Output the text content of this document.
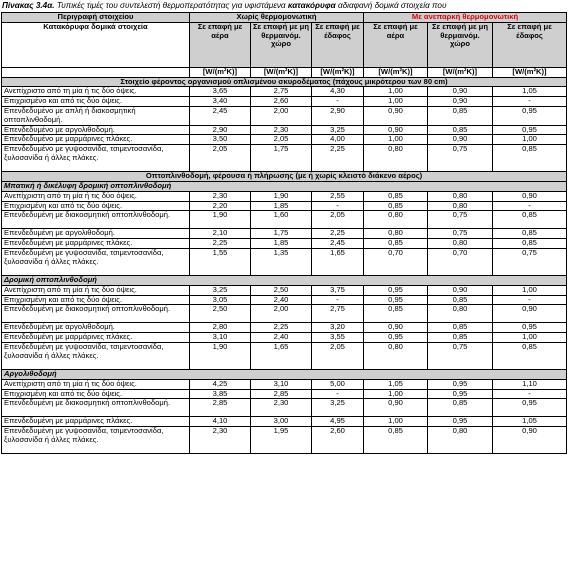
Πίνακας 3.4α. Τυπικές τιμές του συντελεστή θερμοπερατότητας για υφιστάμενα κατακόρυφα αδιαφανή δομικά στοιχεία που
Περιγραφή στοιχείου	Χωρίς θερμομονωτική			Με ανεπαρκή θερμομονωτική		
Κατακόρυφα δομικά στοιχεία	Σε επαφή με αέρα	Σε επαφή με μη θερμαινόμ. χώρο	Σε επαφή με έδαφος	Σε επαφή με αέρα	Σε επαφή με μη θερμαινόμ. χώρο	Σε επαφή με έδαφος
	[W/(m²K)]	[W/(m²K)]	[W/(m²K)]	[W/(m²K)]	[W/(m²K)]	[W/(m²K)]
Στοιχείο φέροντος οργανισμού οπλισμένου σκυροδέματος (πάχους μικρότερου των 80 cm)						
Ανεπίχριστο από τη μία ή τις δύο όψεις.	3,65	2,75	4,30	1,00	0,90	1,05
Επιχρισμένο και από τις δύο όψεις.	3,40	2,60	-	1,00	0,90	-
Επενδεδυμένο με απλή ή διακοσμητική οπτοπλινθοδομή.	2,45	2,00	2,90	0,90	0,85	0,95
Επενδεδυμένο με αργολιθοδομή.	2,90	2,30	3,25	0,90	0,85	0,95
Επενδεδυμένο με μαρμάρινες πλάκες.	3,50	2,05	4,00	1,00	0,90	1,00
Επενδεδυμένο με γυψοσανίδα, τσιμεντοσανίδα, ξυλοσανίδα ή άλλες πλάκες.	2,05	1,75	2,25	0,80	0,75	0,85
Οπτοπλινθοδομή, φέρουσα ή πλήρωσης (με ή χωρίς κλειστό διάκενο αέρος)						
Μπατική ή δικέλυφη δρομική οπτοπλινθοδομή						
Ανεπίχριστη από τη μία ή τις δύο όψεις.	2,30	1,90	2,55	0,85	0,80	0,90
Επιχρισμένη και από τις δύο όψεις.	2,20	1,85	-	0,85	0,80	-
Επενδεδυμένη με διακοσμητική οπτοπλινθοδομή.	1,90	1,60	2,05	0,80	0,75	0,85
Επενδεδυμένη με αργολιθοδομή.	2,10	1,75	2,25	0,80	0,75	0,85
Επενδεδυμένη με μαρμάρινες πλάκες.	2,25	1,85	2,45	0,85	0,80	0,85
Επενδεδυμένη με γυψοσανίδα, τσιμεντοσανίδα, ξυλοσανίδα ή άλλες πλάκες.	1,55	1,35	1,65	0,70	0,70	0,75
Δρομική οπτοπλινθοδομή						
Ανεπίχριστη από τη μία ή τις δύο όψεις.	3,25	2,50	3,75	0,95	0,90	1,00
Επιχρισμένη και από τις δύο όψεις.	3,05	2,40	-	0,95	0,85	-
Επενδεδυμένη με διακοσμητική οπτοπλινθοδομή.	2,50	2,00	2,75	0,85	0,80	0,90
Επενδεδυμένη με αργολιθοδομή.	2,80	2,25	3,20	0,90	0,85	0,95
Επενδεδυμένη με μαρμάρινες πλάκες.	3,10	2,40	3,55	0,95	0,85	1,00
Επενδεδυμένη με γυψοσανίδα, τσιμεντοσανίδα, ξυλοσανίδα ή άλλες πλάκες.	1,90	1,65	2,05	0,80	0,75	0,85
Αργολιθοδομή						
Ανεπίχριστη από τη μία ή τις δύο όψεις.	4,25	3,10	5,00	1,05	0,95	1,10
Επιχρισμένη και από τις δύο όψεις.	3,85	2,85	-	1,00	0,95	-
Επενδεδυμένη με διακοσμητική οπτοπλινθοδομή.	2,85	2,30	3,25	0,90	0,85	0,95
Επενδεδυμένη με μαρμάρινες πλάκες.	4,10	3,00	4,95	1,00	0,95	1,05
Επενδεδυμένη με γυψοσανίδα, τσιμεντοσανίδα, ξυλοσανίδα ή άλλες πλάκες.	2,30	1,95	2,60	0,85	0,80	0,90
